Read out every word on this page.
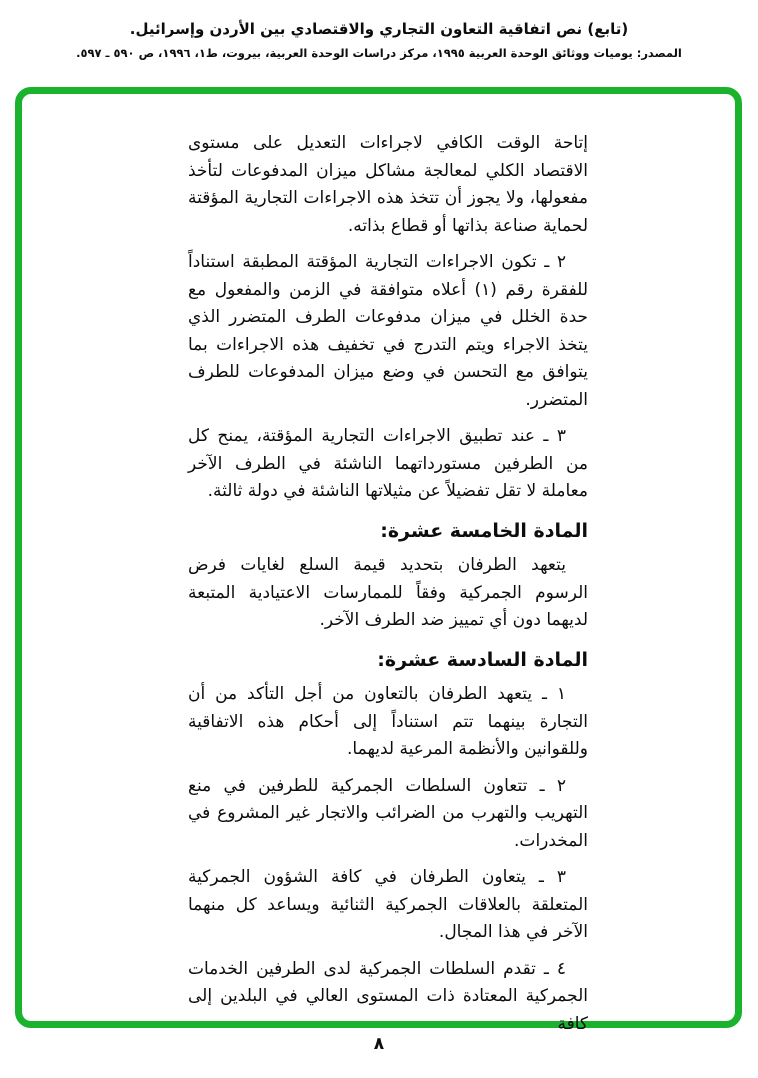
(تابع) نص اتفاقية التعاون التجاري والاقتصادي بين الأردن وإسرائيل.
المصدر: يوميات ووثائق الوحدة العربية ١٩٩٥، مركز دراسات الوحدة العربية، بيروت، ط١، ١٩٩٦، ص ٥٩٠ ـ ٥٩٧.
إتاحة الوقت الكافي لاجراءات التعديل على مستوى الاقتصاد الكلي لمعالجة مشاكل ميزان المدفوعات لتأخذ مفعولها، ولا يجوز أن تتخذ هذه الاجراءات التجارية المؤقتة لحماية صناعة بذاتها أو قطاع بذاته.
٢ ـ تكون الاجراءات التجارية المؤقتة المطبقة استناداً للفقرة رقم (١) أعلاه متوافقة في الزمن والمفعول مع حدة الخلل في ميزان مدفوعات الطرف المتضرر الذي يتخذ الاجراء ويتم التدرج في تخفيف هذه الاجراءات بما يتوافق مع التحسن في وضع ميزان المدفوعات للطرف المتضرر.
٣ ـ عند تطبيق الاجراءات التجارية المؤقتة، يمنح كل من الطرفين مستورداتهما الناشئة في الطرف الآخر معاملة لا تقل تفضيلاً عن مثيلاتها الناشئة في دولة ثالثة.
المادة الخامسة عشرة:
يتعهد الطرفان بتحديد قيمة السلع لغايات فرض الرسوم الجمركية وفقاً للممارسات الاعتيادية المتبعة لديهما دون أي تمييز ضد الطرف الآخر.
المادة السادسة عشرة:
١ ـ يتعهد الطرفان بالتعاون من أجل التأكد من أن التجارة بينهما تتم استناداً إلى أحكام هذه الاتفاقية وللقوانين والأنظمة المرعية لديهما.
٢ ـ تتعاون السلطات الجمركية للطرفين في منع التهريب والتهرب من الضرائب والاتجار غير المشروع في المخدرات.
٣ ـ يتعاون الطرفان في كافة الشؤون الجمركية المتعلقة بالعلاقات الجمركية الثنائية ويساعد كل منهما الآخر في هذا المجال.
٤ ـ تقدم السلطات الجمركية لدى الطرفين الخدمات الجمركية المعتادة ذات المستوى العالي في البلدين إلى كافة
٨
